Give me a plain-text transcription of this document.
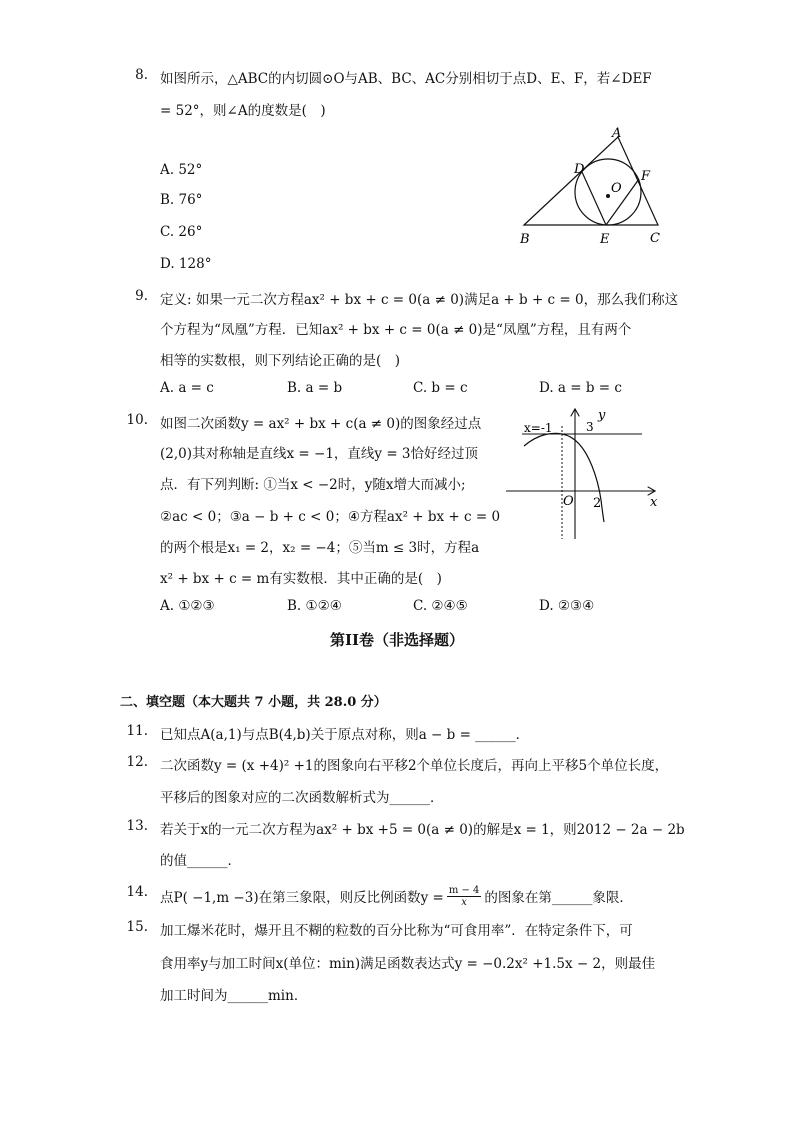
8. 如图所示，△ABC的内切圆⊙O与AB、BC、AC分别相切于点D、E、F，若∠DEF
= 52°，则∠A的度数是(　)
A. 52°
B. 76°
C. 26°
D. 128°
A
B	C
D
E
F
O
9. 定义: 如果一元二次方程ax² + bx + c = 0(a ≠ 0)满足a + b + c = 0，那么我们称这
个方程为“凤凰”方程．已知ax² + bx + c = 0(a ≠ 0)是“凤凰”方程，且有两个
相等的实数根，则下列结论正确的是(　)
A. a = c	B. a = b	C. b = c	D. a = b = c
10. 如图二次函数y = ax² + bx + c(a ≠ 0)的图象经过点
(2,0)其对称轴是直线x = −1，直线y = 3恰好经过顶
点．有下列判断: ①当x < −2时，y随x增大而减小;
②ac < 0；③a − b + c < 0；④方程ax² + bx + c = 0
的两个根是x₁ = 2，x₂ = −4；⑤当m ≤ 3时，方程a
x² + bx + c = m有实数根．其中正确的是(　)
A. ①②③	B. ①②④	C. ②④⑤	D. ②③④
y
x
x=-1	3
O 2
第II卷（非选择题）
二、填空题（本大题共 7 小题，共 28.0 分）
11. 已知点A(a,1)与点B(4,b)关于原点对称，则a − b = ______．
12. 二次函数y = (x +4)² +1的图象向右平移2个单位长度后，再向上平移5个单位长度，
平移后的图象对应的二次函数解析式为______．
13. 若关于x的一元二次方程为ax² + bx +5 = 0(a ≠ 0)的解是x = 1，则2012 − 2a − 2b
的值______．
14. 点P( −1,m −3)在第三象限，则反比例函数$y = \frac{m - 4}{x}$ 的图象在第______象限．
15. 加工爆米花时，爆开且不糊的粒数的百分比称为“可食用率”．在特定条件下，可
食用率y与加工时间x(单位：min)满足函数表达式y = −0.2x² +1.5x − 2，则最佳
加工时间为______min．
